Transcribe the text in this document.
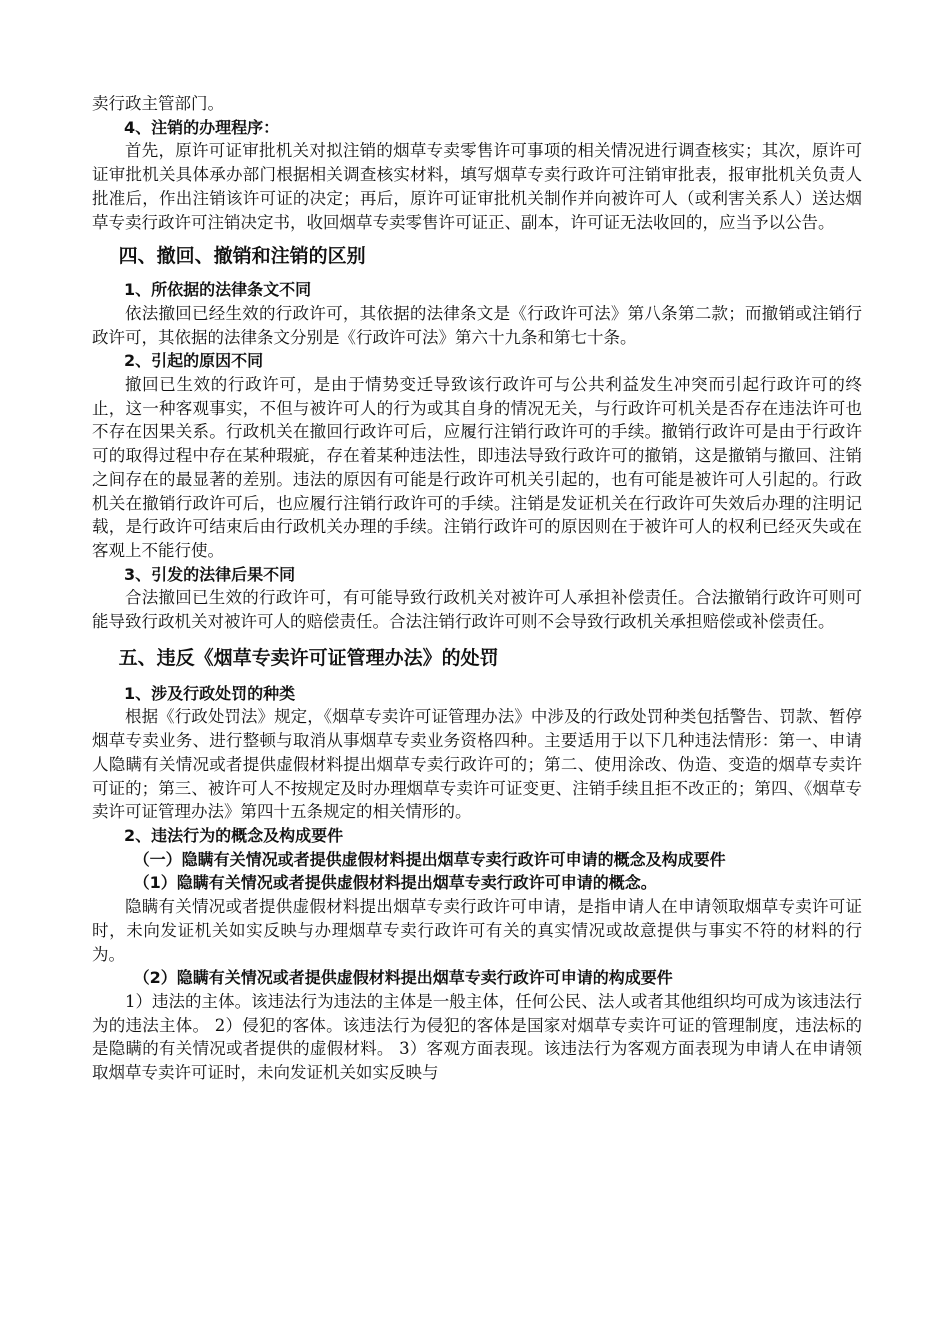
卖行政主管部门。

4、注销的办理程序：

首先，原许可证审批机关对拟注销的烟草专卖零售许可事项的相关情况进行调查核实；其次，原许可证审批机关具体承办部门根据相关调查核实材料，填写烟草专卖行政许可注销审批表，报审批机关负责人批准后，作出注销该许可证的决定；再后，原许可证审批机关制作并向被许可人（或利害关系人）送达烟草专卖行政许可注销决定书，收回烟草专卖零售许可证正、副本，许可证无法收回的，应当予以公告。

四、撤回、撤销和注销的区别

1、所依据的法律条文不同

依法撤回已经生效的行政许可，其依据的法律条文是《行政许可法》第八条第二款；而撤销或注销行政许可，其依据的法律条文分别是《行政许可法》第六十九条和第七十条。

2、引起的原因不同

撤回已生效的行政许可，是由于情势变迁导致该行政许可与公共利益发生冲突而引起行政许可的终止，这一种客观事实，不但与被许可人的行为或其自身的情况无关，与行政许可机关是否存在违法许可也不存在因果关系。行政机关在撤回行政许可后，应履行注销行政许可的手续。撤销行政许可是由于行政许可的取得过程中存在某种瑕疵，存在着某种违法性，即违法导致行政许可的撤销，这是撤销与撤回、注销之间存在的最显著的差别。违法的原因有可能是行政许可机关引起的，也有可能是被许可人引起的。行政机关在撤销行政许可后，也应履行注销行政许可的手续。注销是发证机关在行政许可失效后办理的注明记载，是行政许可结束后由行政机关办理的手续。注销行政许可的原因则在于被许可人的权利已经灭失或在客观上不能行使。

3、引发的法律后果不同

合法撤回已生效的行政许可，有可能导致行政机关对被许可人承担补偿责任。合法撤销行政许可则可能导致行政机关对被许可人的赔偿责任。合法注销行政许可则不会导致行政机关承担赔偿或补偿责任。

五、违反《烟草专卖许可证管理办法》的处罚

1、涉及行政处罚的种类

根据《行政处罚法》规定，《烟草专卖许可证管理办法》中涉及的行政处罚种类包括警告、罚款、暂停烟草专卖业务、进行整顿与取消从事烟草专卖业务资格四种。主要适用于以下几种违法情形：第一、申请人隐瞒有关情况或者提供虚假材料提出烟草专卖行政许可的；第二、使用涂改、伪造、变造的烟草专卖许可证的；第三、被许可人不按规定及时办理烟草专卖许可证变更、注销手续且拒不改正的；第四、《烟草专卖许可证管理办法》第四十五条规定的相关情形的。

2、违法行为的概念及构成要件

（一）隐瞒有关情况或者提供虚假材料提出烟草专卖行政许可申请的概念及构成要件

（1）隐瞒有关情况或者提供虚假材料提出烟草专卖行政许可申请的概念。

隐瞒有关情况或者提供虚假材料提出烟草专卖行政许可申请，是指申请人在申请领取烟草专卖许可证时，未向发证机关如实反映与办理烟草专卖行政许可有关的真实情况或故意提供与事实不符的材料的行为。

（2）隐瞒有关情况或者提供虚假材料提出烟草专卖行政许可申请的构成要件

1）违法的主体。该违法行为违法的主体是一般主体，任何公民、法人或者其他组织均可成为该违法行为的违法主体。 2）侵犯的客体。该违法行为侵犯的客体是国家对烟草专卖许可证的管理制度，违法标的是隐瞒的有关情况或者提供的虚假材料。 3）客观方面表现。该违法行为客观方面表现为申请人在申请领取烟草专卖许可证时，未向发证机关如实反映与
